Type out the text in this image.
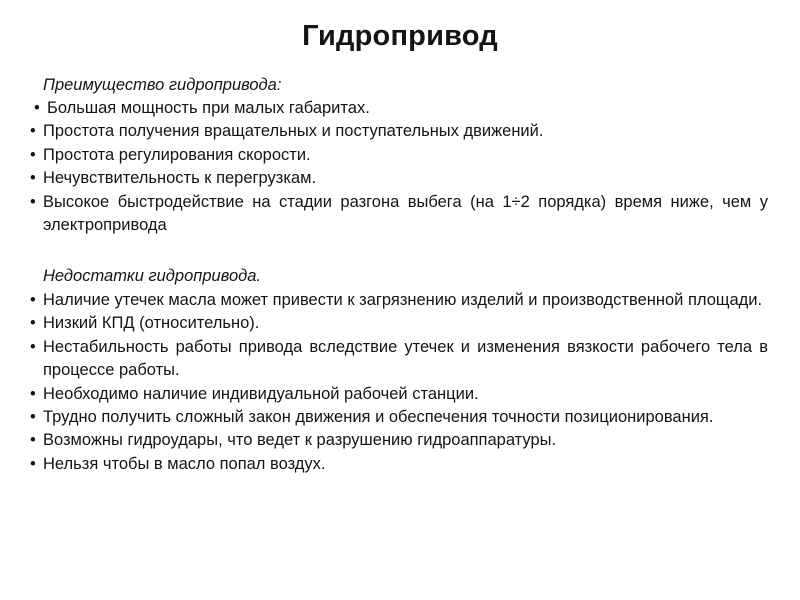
Гидропривод
Преимущество гидропривода:
• Большая мощность при малых габаритах.
• Простота получения вращательных и поступательных движений.
• Простота регулирования скорости.
• Нечувствительность к перегрузкам.
• Высокое быстродействие на стадии разгона выбега (на 1÷2 порядка) время ниже, чем у электропривода
Недостатки гидропривода.
• Наличие утечек масла может привести к загрязнению изделий и производственной площади.
• Низкий КПД (относительно).
• Нестабильность работы привода вследствие утечек и изменения вязкости рабочего тела в процессе работы.
• Необходимо наличие индивидуальной рабочей станции.
• Трудно получить сложный закон движения и обеспечения точности позиционирования.
• Возможны гидроудары, что ведет к разрушению гидроаппаратуры.
• Нельзя чтобы в масло попал воздух.
